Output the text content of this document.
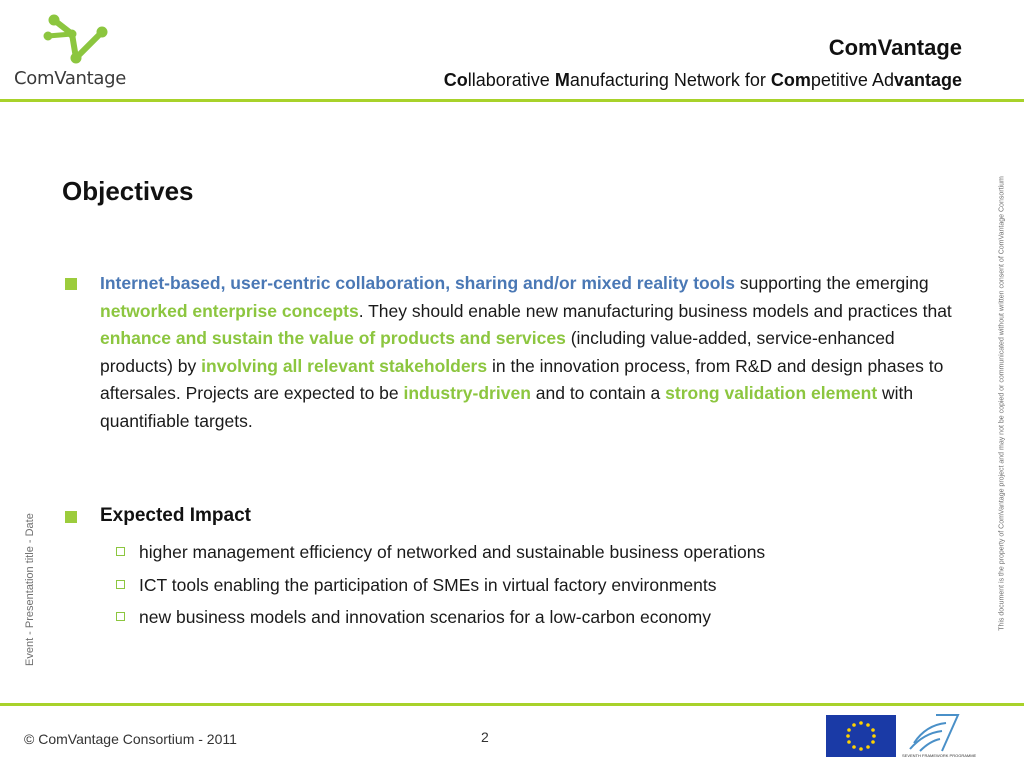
ComVantage
ComVantage
Collaborative Manufacturing Network for Competitive Advantage
Event - Presentation title - Date	This document is the property of ComVantage project and may not be copied or communicated without written consent of ComVantage Consortium
Objectives
Internet-based, user-centric collaboration, sharing and/or mixed reality tools supporting the emerging networked enterprise concepts. They should enable new manufacturing business models and practices that enhance and sustain the value of products and services (including value-added, service-enhanced products) by involving all relevant stakeholders in the innovation process, from R&D and design phases to aftersales. Projects are expected to be industry-driven and to contain a strong validation element with quantifiable targets.
Expected Impact
higher management efficiency of networked and sustainable business operations
ICT tools enabling the participation of SMEs in virtual factory environments
new business models and innovation scenarios for a low-carbon economy
© ComVantage Consortium - 2011	2
SEVENTH FRAMEWORK PROGRAMME
